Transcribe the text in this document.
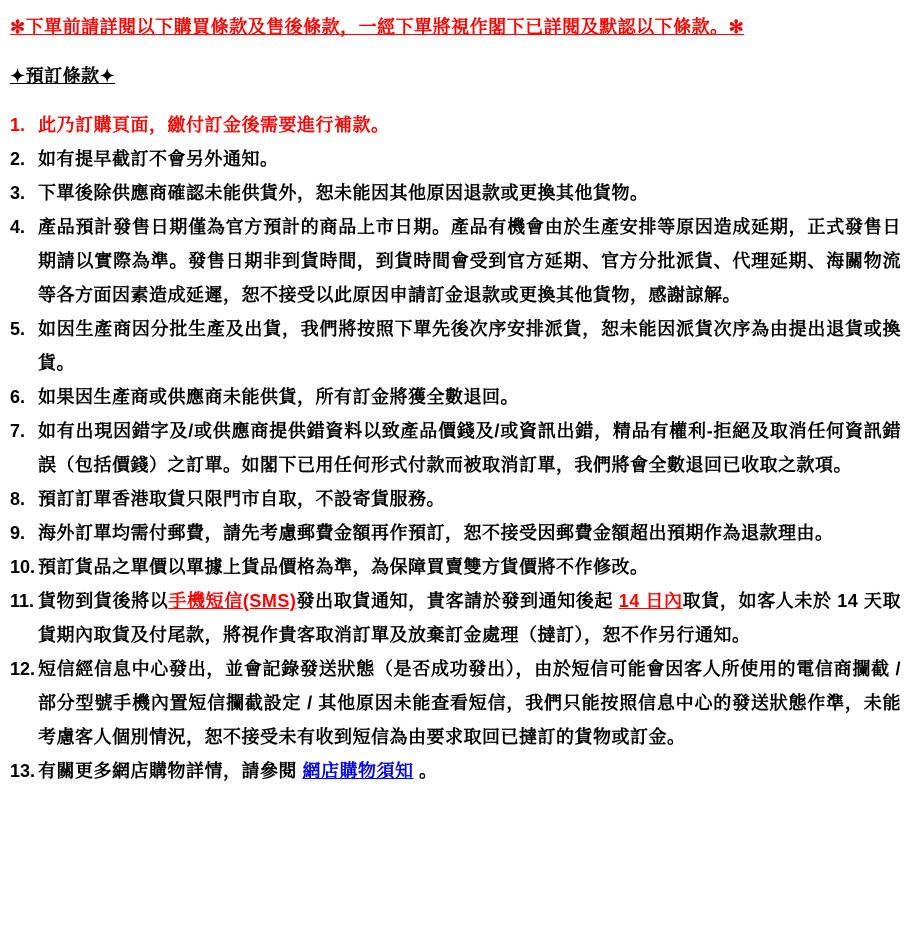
✻下單前請詳閱以下購買條款及售後條款，一經下單將視作閣下已詳閱及默認以下條款。✻
✦預訂條款✦
1. 此乃訂購頁面，繳付訂金後需要進行補款。
2. 如有提早截訂不會另外通知。
3. 下單後除供應商確認未能供貨外，恕未能因其他原因退款或更換其他貨物。
4. 產品預計發售日期僅為官方預計的商品上市日期。產品有機會由於生產安排等原因造成延期，正式發售日期請以實際為準。發售日期非到貨時間，到貨時間會受到官方延期、官方分批派貨、代理延期、海關物流等各方面因素造成延遲，恕不接受以此原因申請訂金退款或更換其他貨物，感謝諒解。
5. 如因生產商因分批生產及出貨，我們將按照下單先後次序安排派貨，恕未能因派貨次序為由提出退貨或換貨。
6. 如果因生產商或供應商未能供貨，所有訂金將獲全數退回。
7. 如有出現因錯字及/或供應商提供錯資料以致產品價錢及/或資訊出錯，精品有權利-拒絕及取消任何資訊錯誤（包括價錢）之訂單。如閣下已用任何形式付款而被取消訂單，我們將會全數退回已收取之款項。
8. 預訂訂單香港取貨只限門市自取，不設寄貨服務。
9. 海外訂單均需付郵費，請先考慮郵費金額再作預訂，恕不接受因郵費金額超出預期作為退款理由。
10. 預訂貨品之單價以單據上貨品價格為準，為保障買賣雙方貨價將不作修改。
11. 貨物到貨後將以手機短信(SMS)發出取貨通知，貴客請於發到通知後起 14 日內取貨，如客人未於 14 天取貨期內取貨及付尾款，將視作貴客取消訂單及放棄訂金處理（撻訂），恕不作另行通知。
12. 短信經信息中心發出，並會記錄發送狀態（是否成功發出），由於短信可能會因客人所使用的電信商攔截 / 部分型號手機內置短信攔截設定 / 其他原因未能查看短信，我們只能按照信息中心的發送狀態作準，未能考慮客人個別情況，恕不接受未有收到短信為由要求取回已撻訂的貨物或訂金。
13. 有關更多網店購物詳情，請參閱 網店購物須知 。
